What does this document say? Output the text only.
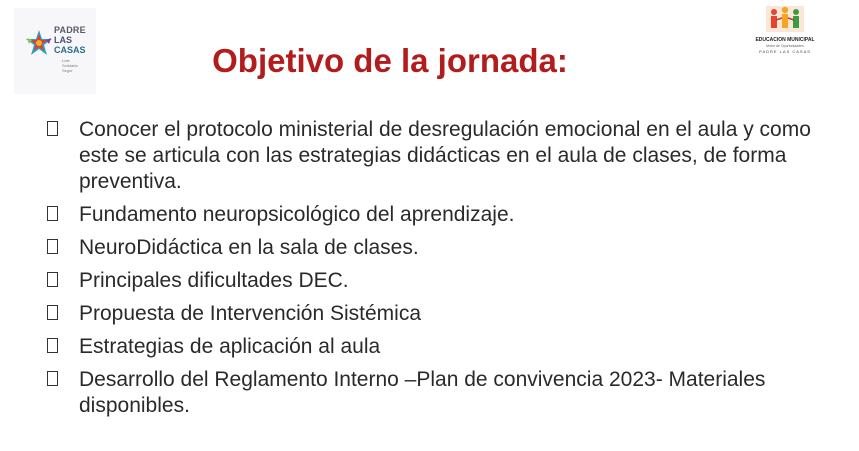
PADRE
LAS
CASAS
Lote
Solidaria
Segur
EDUCACION MUNICIPAL
Motor de Oportunidades
PADRE LAS CASAS
Objetivo de la jornada:
Conocer el protocolo ministerial de desregulación emocional en el aula y como este se articula con las estrategias didácticas en el aula de clases, de forma preventiva.
Fundamento neuropsicológico del aprendizaje.
NeuroDidáctica en la sala de clases.
Principales dificultades DEC.
Propuesta de Intervención Sistémica
Estrategias de aplicación al aula
Desarrollo del Reglamento Interno –Plan de convivencia 2023- Materiales disponibles.
